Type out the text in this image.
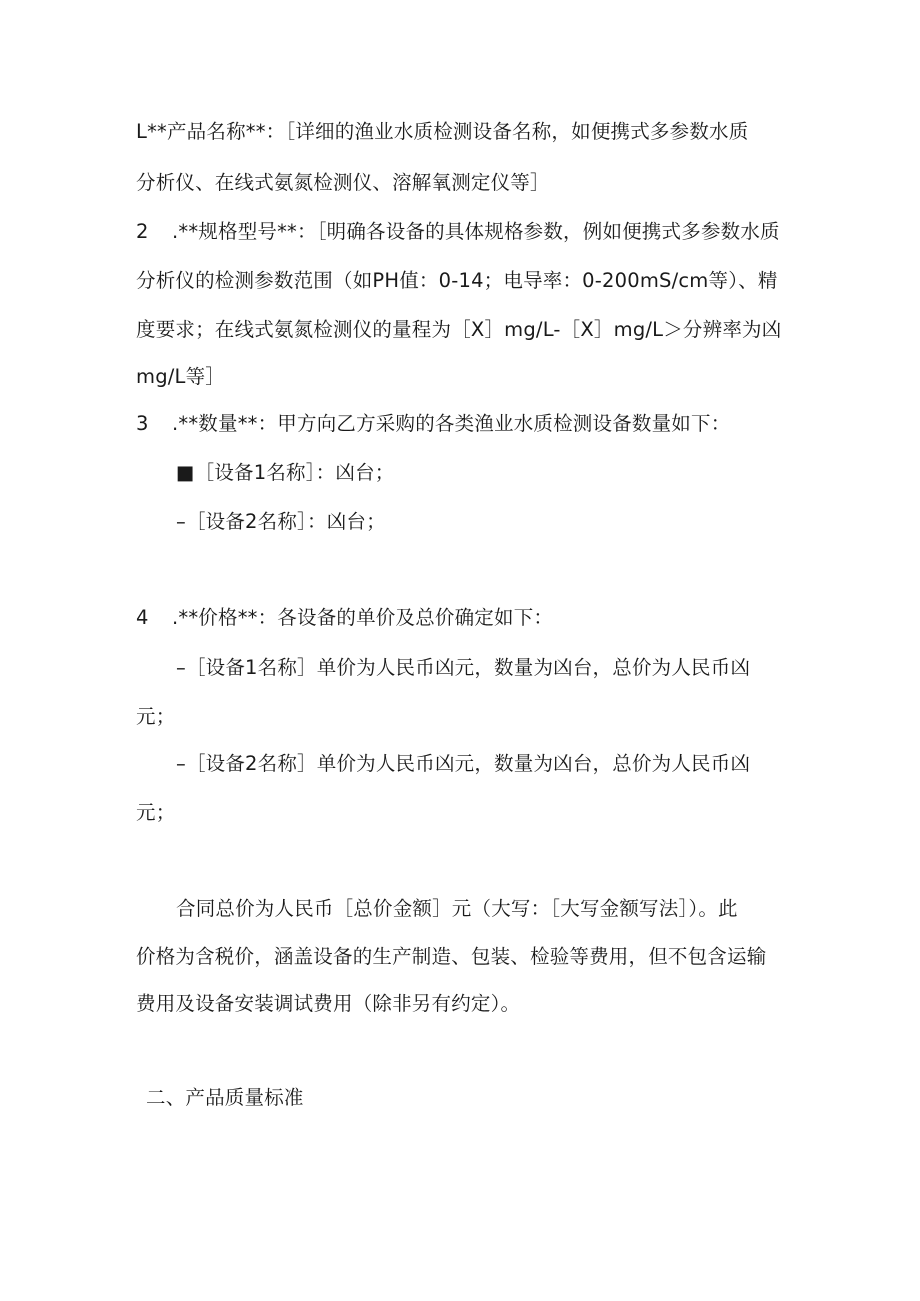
L**产品名称**：［详细的渔业水质检测设备名称，如便携式多参数水质
分析仪、在线式氨氮检测仪、溶解氧测定仪等］
2 .**规格型号**：［明确各设备的具体规格参数，例如便携式多参数水质
分析仪的检测参数范围（如PH值：0-14；电导率：0-200mS/cm等）、精
度要求；在线式氨氮检测仪的量程为［X］mg/L-［X］mg/L＞分辨率为凶
mg/L等］
3 .**数量**：甲方向乙方采购的各类渔业水质检测设备数量如下：
■［设备1名称］：凶台；
–［设备2名称］：凶台；
4 .**价格**：各设备的单价及总价确定如下：
–［设备1名称］单价为人民币凶元，数量为凶台，总价为人民币凶
元；
–［设备2名称］单价为人民币凶元，数量为凶台，总价为人民币凶
元；
合同总价为人民币［总价金额］元（大写：［大写金额写法］）。此
价格为含税价，涵盖设备的生产制造、包装、检验等费用，但不包含运输
费用及设备安装调试费用（除非另有约定）。
二、产品质量标准
